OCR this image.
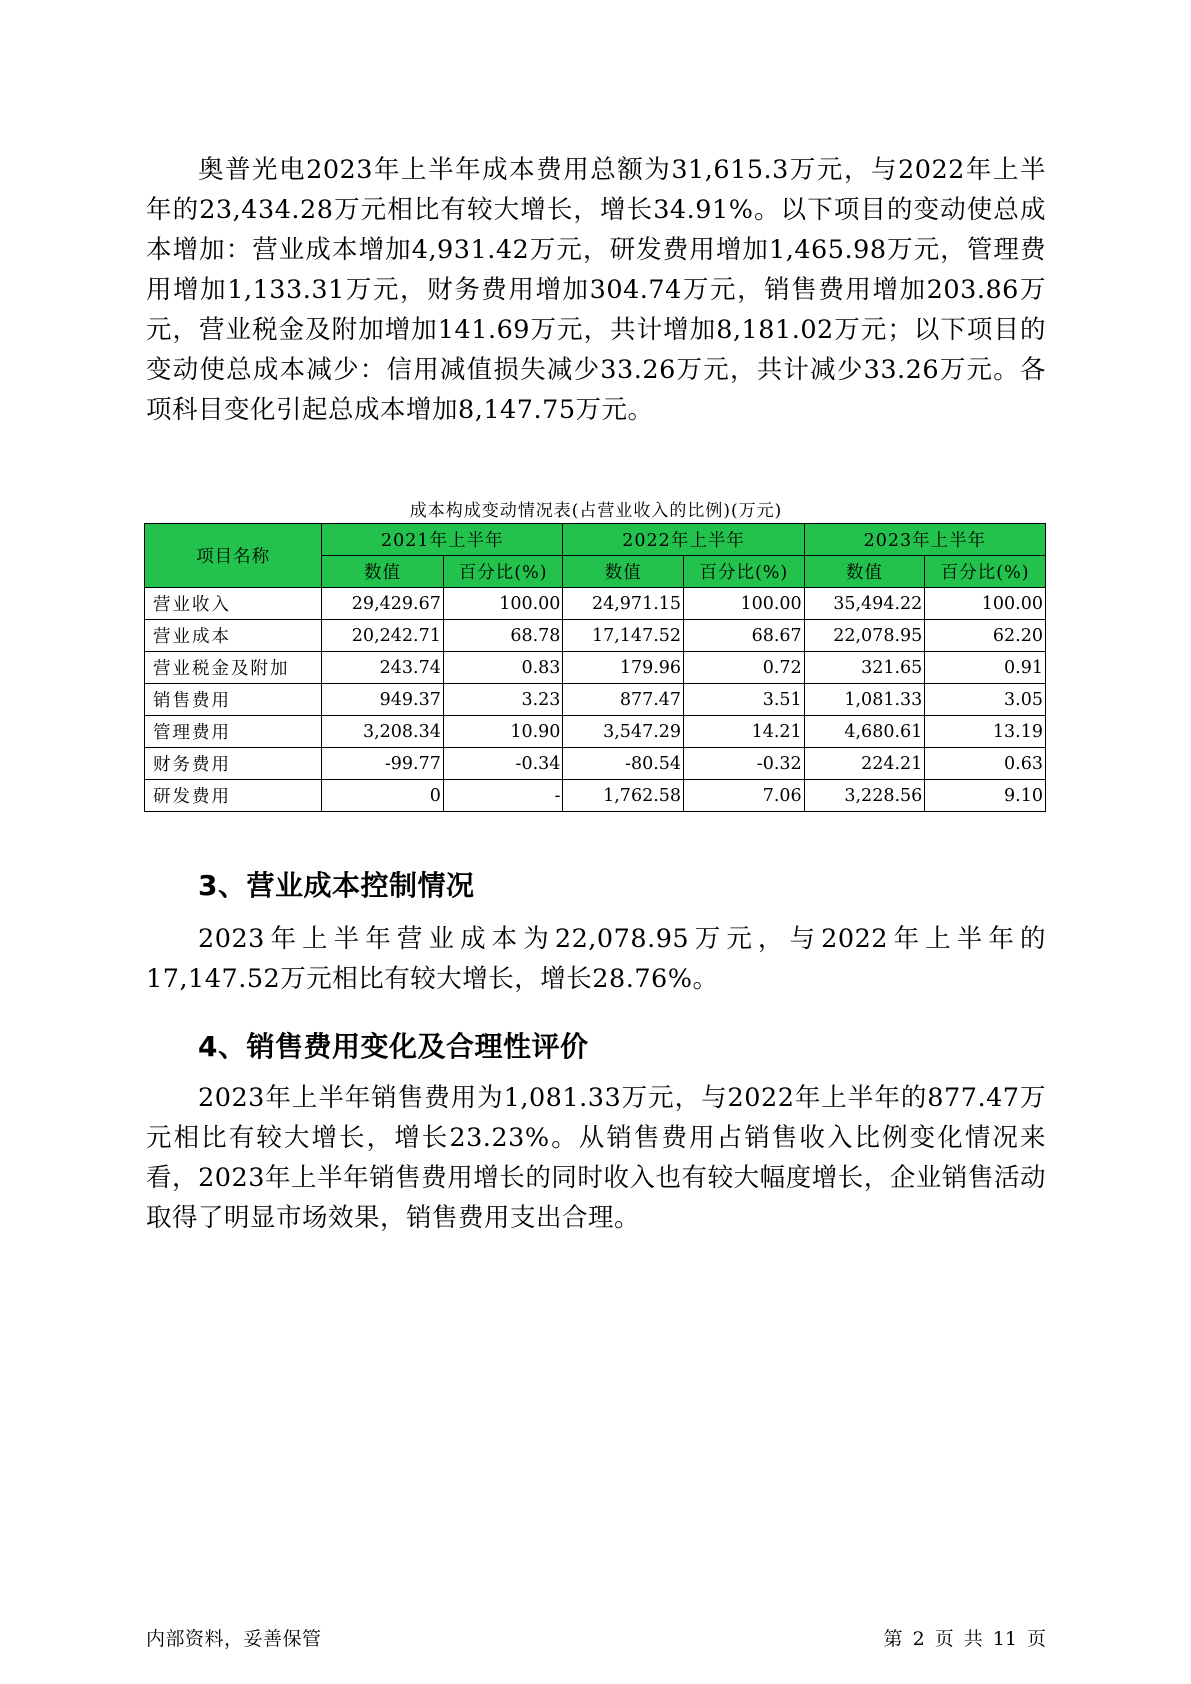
奥普光电2023年上半年成本费用总额为31,615.3万元，与2022年上半年的23,434.28万元相比有较大增长，增长34.91%。以下项目的变动使总成本增加：营业成本增加4,931.42万元，研发费用增加1,465.98万元，管理费用增加1,133.31万元，财务费用增加304.74万元，销售费用增加203.86万元，营业税金及附加增加141.69万元，共计增加8,181.02万元；以下项目的变动使总成本减少：信用减值损失减少33.26万元，共计减少33.26万元。各项科目变化引起总成本增加8,147.75万元。

成本构成变动情况表(占营业收入的比例)(万元)
项目名称	2021年上半年		2022年上半年		2023年上半年	
	数值	百分比(%)	数值	百分比(%)	数值	百分比(%)
营业收入	29,429.67	100.00	24,971.15	100.00	35,494.22	100.00
营业成本	20,242.71	68.78	17,147.52	68.67	22,078.95	62.20
营业税金及附加	243.74	0.83	179.96	0.72	321.65	0.91
销售费用	949.37	3.23	877.47	3.51	1,081.33	3.05
管理费用	3,208.34	10.90	3,547.29	14.21	4,680.61	13.19
财务费用	-99.77	-0.34	-80.54	-0.32	224.21	0.63
研发费用	0	-	1,762.58	7.06	3,228.56	9.10
3、营业成本控制情况

2023年上半年营业成本为22,078.95万元，与2022年上半年的17,147.52万元相比有较大增长，增长28.76%。

4、销售费用变化及合理性评价

2023年上半年销售费用为1,081.33万元，与2022年上半年的877.47万元相比有较大增长，增长23.23%。从销售费用占销售收入比例变化情况来看，2023年上半年销售费用增长的同时收入也有较大幅度增长，企业销售活动取得了明显市场效果，销售费用支出合理。

内部资料，妥善保管	第 2 页 共 11 页
